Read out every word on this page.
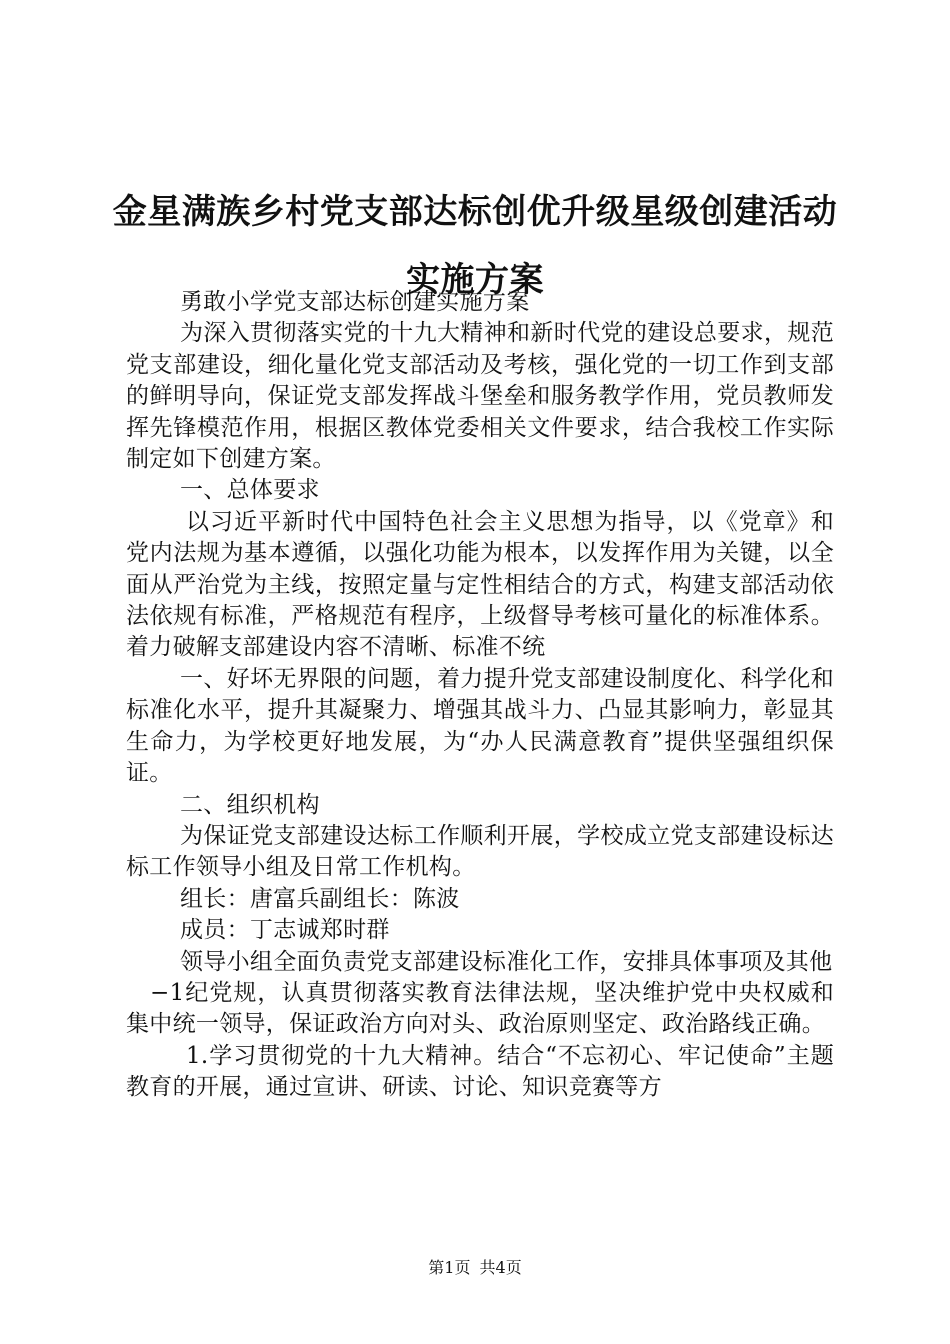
金星满族乡村党支部达标创优升级星级创建活动实施方案

勇敢小学党支部达标创建实施方案

为深入贯彻落实党的十九大精神和新时代党的建设总要求，规范党支部建设，细化量化党支部活动及考核，强化党的一切工作到支部的鲜明导向，保证党支部发挥战斗堡垒和服务教学作用，党员教师发挥先锋模范作用，根据区教体党委相关文件要求，结合我校工作实际制定如下创建方案。

一、总体要求

以习近平新时代中国特色社会主义思想为指导，以《党章》和党内法规为基本遵循，以强化功能为根本，以发挥作用为关键，以全面从严治党为主线，按照定量与定性相结合的方式，构建支部活动依法依规有标准，严格规范有程序，上级督导考核可量化的标准体系。着力破解支部建设内容不清晰、标准不统

一、好坏无界限的问题，着力提升党支部建设制度化、科学化和标准化水平，提升其凝聚力、增强其战斗力、凸显其影响力，彰显其生命力，为学校更好地发展，为“办人民满意教育”提供坚强组织保证。

二、组织机构

为保证党支部建设达标工作顺利开展，学校成立党支部建设标达标工作领导小组及日常工作机构。

组长：唐富兵副组长：陈波

成员：丁志诚郑时群

领导小组全面负责党支部建设标准化工作，安排具体事项及其他

−1纪党规，认真贯彻落实教育法律法规，坚决维护党中央权威和集中统一领导，保证政治方向对头、政治原则坚定、政治路线正确。

1.学习贯彻党的十九大精神。结合“不忘初心、牢记使命”主题教育的开展，通过宣讲、研读、讨论、知识竞赛等方

第1页 共4页
